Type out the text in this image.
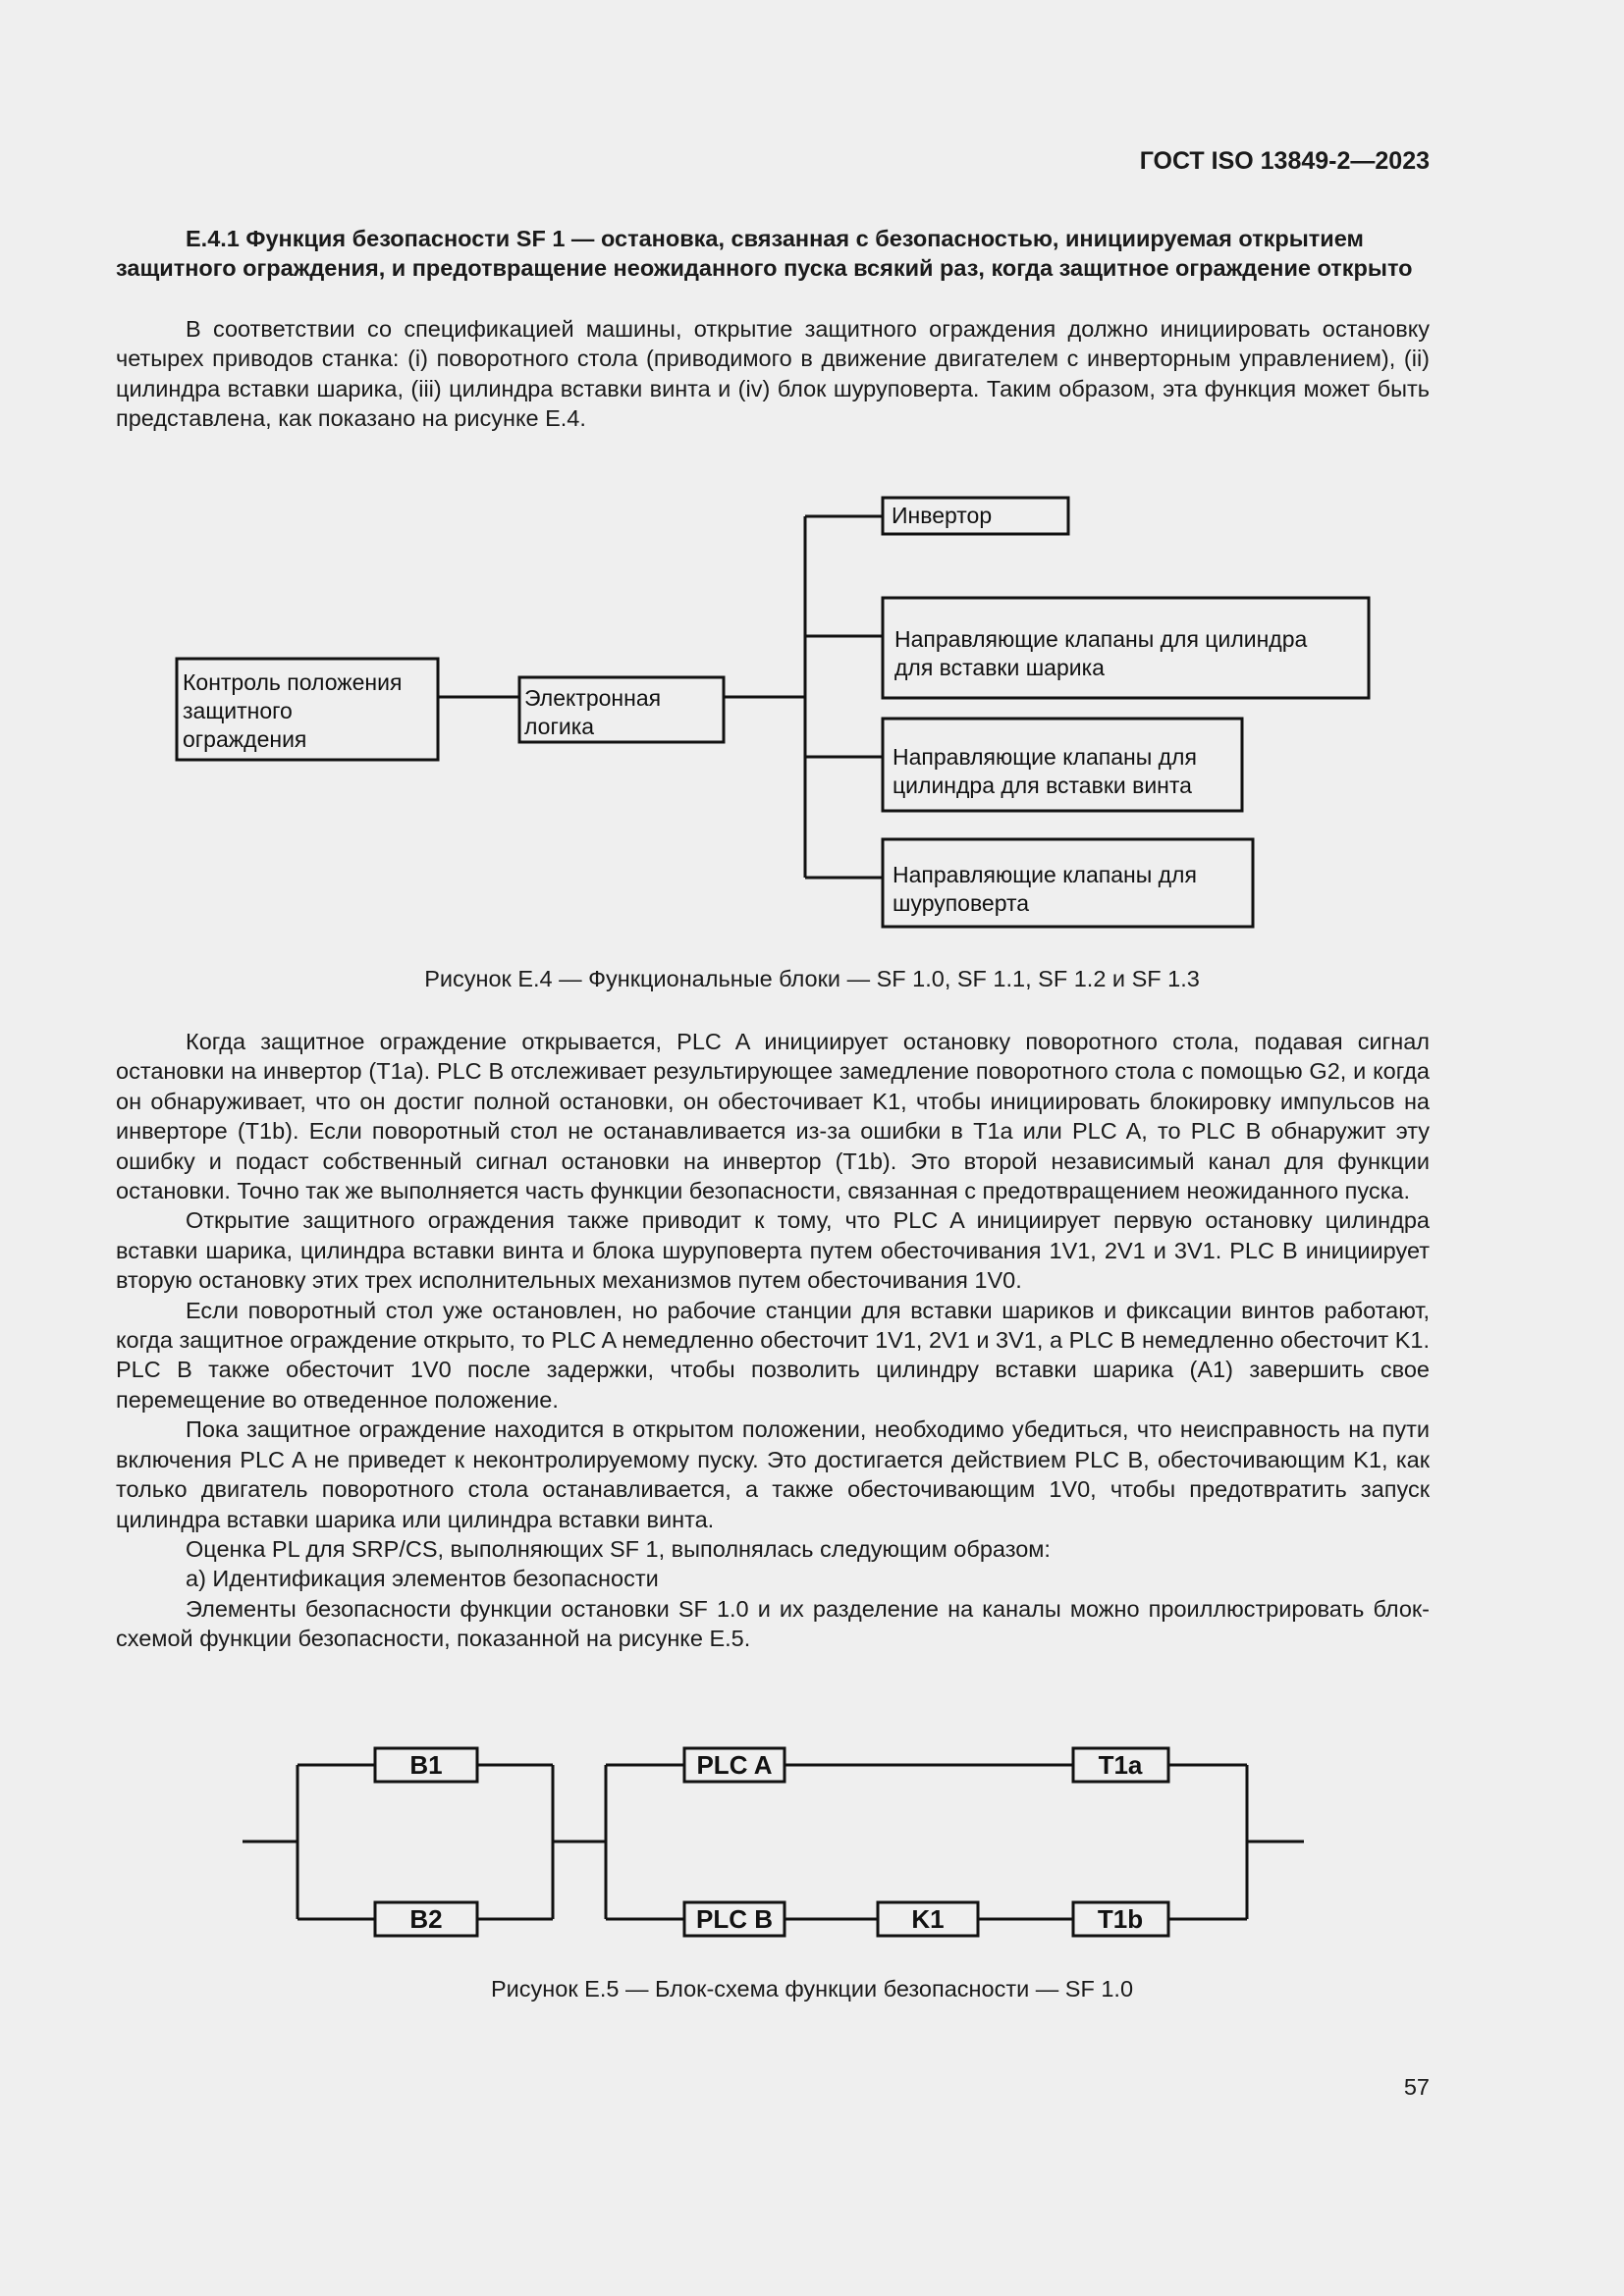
ГОСТ ISO 13849-2—2023

Е.4.1 Функция безопасности SF 1 — остановка, связанная с безопасностью, инициируемая открытием защитного ограждения, и предотвращение неожиданного пуска всякий раз, когда защитное ограждение открыто

В соответствии со спецификацией машины, открытие защитного ограждения должно инициировать остановку четырех приводов станка: (i) поворотного стола (приводимого в движение двигателем с инверторным управлением), (ii) цилиндра вставки шарика, (iii) цилиндра вставки винта и (iv) блок шуруповерта. Таким образом, эта функция может быть представлена, как показано на рисунке Е.4.

Контроль положения
защитного
ограждения
Электронная
логика
Инвертор
Направляющие клапаны для цилиндра
для вставки шарика
Направляющие клапаны для
цилиндра для вставки винта
Направляющие клапаны для
шуруповерта
Рисунок Е.4 — Функциональные блоки — SF 1.0, SF 1.1, SF 1.2 и SF 1.3

Когда защитное ограждение открывается, PLC A инициирует остановку поворотного стола, подавая сигнал остановки на инвертор (T1a). PLC B отслеживает результирующее замедление поворотного стола с помощью G2, и когда он обнаруживает, что он достиг полной остановки, он обесточивает K1, чтобы инициировать блокировку импульсов на инверторе (T1b). Если поворотный стол не останавливается из-за ошибки в T1a или PLC A, то PLC B обнаружит эту ошибку и подаст собственный сигнал остановки на инвертор (T1b). Это второй независимый канал для функции остановки. Точно так же выполняется часть функции безопасности, связанная с предотвращением неожиданного пуска.

Открытие защитного ограждения также приводит к тому, что PLC A инициирует первую остановку цилиндра вставки шарика, цилиндра вставки винта и блока шуруповерта путем обесточивания 1V1, 2V1 и 3V1. PLC B инициирует вторую остановку этих трех исполнительных механизмов путем обесточивания 1V0.

Если поворотный стол уже остановлен, но рабочие станции для вставки шариков и фиксации винтов работают, когда защитное ограждение открыто, то PLC A немедленно обесточит 1V1, 2V1 и 3V1, а PLC B немедленно обесточит K1. PLC B также обесточит 1V0 после задержки, чтобы позволить цилиндру вставки шарика (A1) завершить свое перемещение во отведенное положение.

Пока защитное ограждение находится в открытом положении, необходимо убедиться, что неисправность на пути включения PLC A не приведет к неконтролируемому пуску. Это достигается действием PLC B, обесточивающим K1, как только двигатель поворотного стола останавливается, а также обесточивающим 1V0, чтобы предотвратить запуск цилиндра вставки шарика или цилиндра вставки винта.

Оценка PL для SRP/CS, выполняющих SF 1, выполнялась следующим образом:

a) Идентификация элементов безопасности

Элементы безопасности функции остановки SF 1.0 и их разделение на каналы можно проиллюстрировать блок-схемой функции безопасности, показанной на рисунке Е.5.

B1
B2
PLC A
PLC B	K1
T1a
T1b
Рисунок Е.5 — Блок-схема функции безопасности — SF 1.0
57
